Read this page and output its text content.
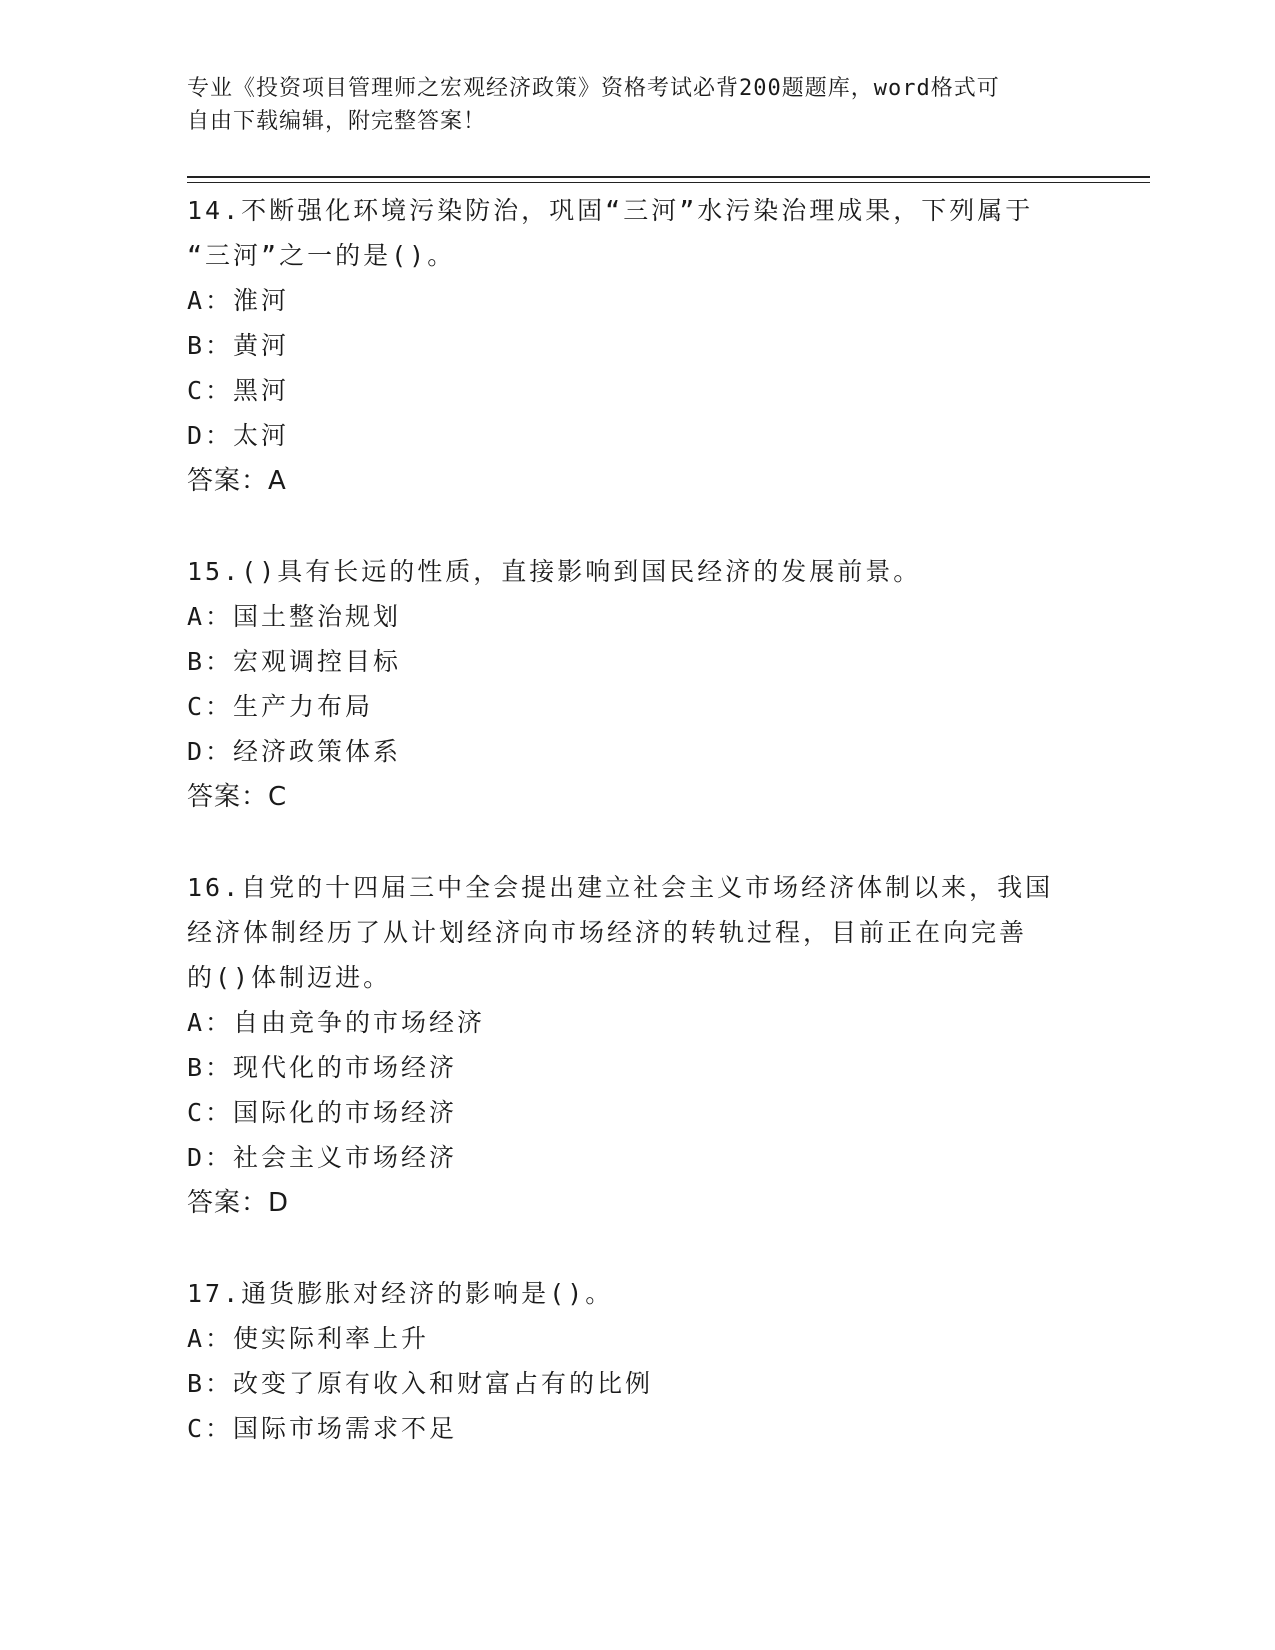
专业《投资项目管理师之宏观经济政策》资格考试必背200题题库，word格式可
自由下载编辑，附完整答案！

14.不断强化环境污染防治，巩固“三河”水污染治理成果，下列属于

“三河”之一的是()。

A：淮河

B：黄河

C：黑河

D：太河

答案：A

15.()具有长远的性质，直接影响到国民经济的发展前景。

A：国土整治规划

B：宏观调控目标

C：生产力布局

D：经济政策体系

答案：C

16.自党的十四届三中全会提出建立社会主义市场经济体制以来，我国

经济体制经历了从计划经济向市场经济的转轨过程，目前正在向完善

的()体制迈进。

A：自由竞争的市场经济

B：现代化的市场经济

C：国际化的市场经济

D：社会主义市场经济

答案：D

17.通货膨胀对经济的影响是()。

A：使实际利率上升

B：改变了原有收入和财富占有的比例

C：国际市场需求不足
